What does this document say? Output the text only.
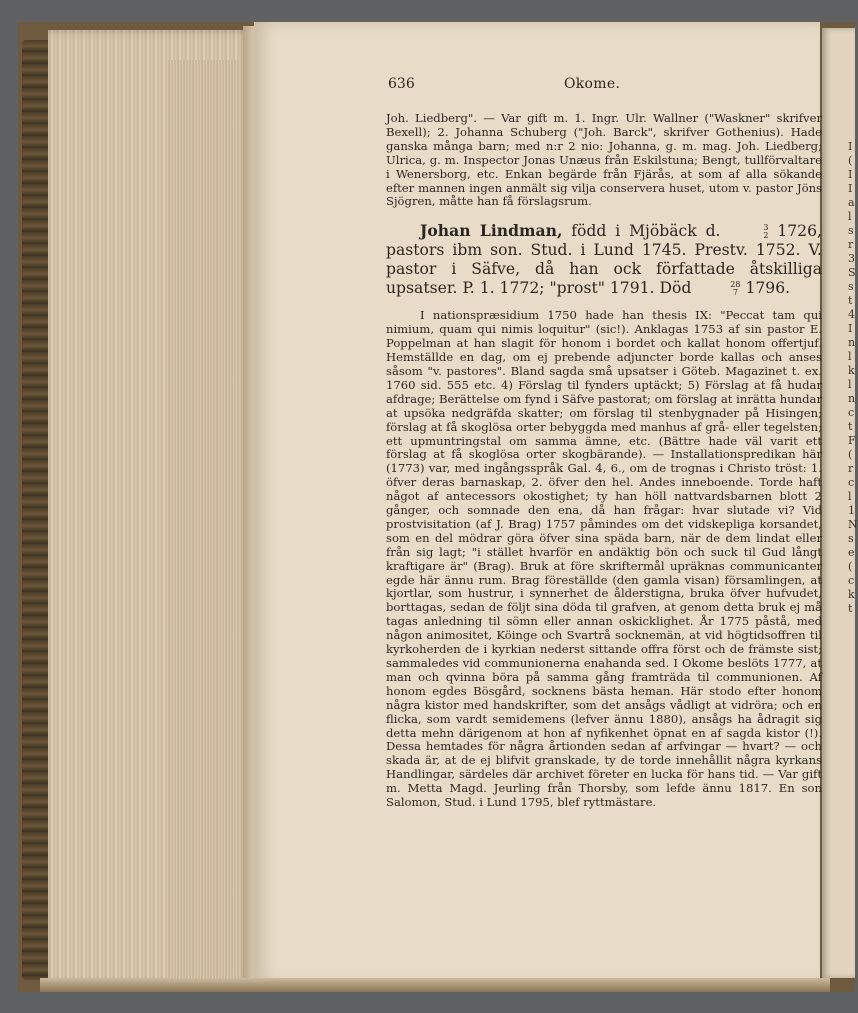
I
(
I
I
a
l
s
r
3
S
s
t
4
I
n
l
k
l
n
c
t
F
(
r
c
l
1
N
s
e
(
c
k
t
636	Okome.

Joh. Liedberg". — Var gift m. 1. Ingr. Ulr. Wallner ("Waskner" skrifver Bexell); 2. Johanna Schuberg ("Joh. Barck", skrifver Gothenius). Hade ganska många barn; med n:r 2 nio: Johanna, g. m. mag. Joh. Liedberg; Ulrica, g. m. Inspector Jonas Unæus från Eskilstuna; Bengt, tullförvaltare i Wenersborg, etc. Enkan begärde från Fjärås, at som af alla sökande efter mannen ingen anmält sig vilja conservera huset, utom v. pastor Jöns Sjögren, måtte han få förslagsrum.

Johan Lindman, född i Mjöbäck d.	3
2 1726, pastors ibm son. Stud. i Lund 1745. Prestv. 1752. V. pastor i Säfve, då han ock författade åtskilliga upsatser. P. 1. 1772; "prost" 1791. Död	28
7 1796.

I nationspræsidium 1750 hade han thesis IX: "Peccat tam qui nimium, quam qui nimis loquitur" (sic!). Anklagas 1753 af sin pastor E. Poppelman at han slagit för honom i bordet och kallat honom offertjuf. Hemställde en dag, om ej prebende adjuncter borde kallas och anses såsom "v. pastores". Bland sagda små upsatser i Göteb. Magazinet t. ex. 1760 sid. 555 etc. 4) Förslag til fynders uptäckt; 5) Förslag at få hudar afdrage; Berättelse om fynd i Säfve pastorat; om förslag at inrätta hundar at upsöka nedgräfda skatter; om förslag til stenbygnader på Hisingen; förslag at få skoglösa orter bebyggda med manhus af grå- eller tegelsten; ett upmuntringstal om samma ämne, etc. (Bättre hade väl varit ett förslag at få skoglösa orter skogbärande). — Installationspredikan här (1773) var, med ingångsspråk Gal. 4, 6., om de trognas i Christo tröst: 1. öfver deras barnaskap, 2. öfver den hel. Andes inneboende. Torde haft något af antecessors okostighet; ty han höll nattvardsbarnen blott 2 gånger, och somnade den ena, då han frågar: hvar slutade vi? Vid prostvisitation (af J. Brag) 1757 påmindes om det vidskepliga korsandet, som en del mödrar göra öfver sina späda barn, när de dem lindat eller från sig lagt; "i stället hvarför en andäktig bön och suck til Gud långt kraftigare är" (Brag). Bruk at före skriftermål upräknas communicanter egde här ännu rum. Brag föreställde (den gamla visan) församlingen, at kjortlar, som hustrur, i synnerhet de ålderstigna, bruka öfver hufvudet, borttagas, sedan de följt sina döda til grafven, at genom detta bruk ej må tagas anledning til sömn eller annan oskicklighet. År 1775 påstå, med någon animositet, Köinge och Svartrå socknemän, at vid högtidsoffren til kyrkoherden de i kyrkian nederst sittande offra först och de främste sist; sammaledes vid communionerna enahanda sed. I Okome beslöts 1777, at man och qvinna böra på samma gång framträda til communionen. Af honom egdes Bösgård, socknens bästa heman. Här stodo efter honom några kistor med handskrifter, som det ansågs vådligt at vidröra; och en flicka, som vardt semidemens (lefver ännu 1880), ansågs ha ådragit sig detta mehn därigenom at hon af nyfikenhet öpnat en af sagda kistor (!). Dessa hemtades för några årtionden sedan af arfvingar — hvart? — och skada är, at de ej blifvit granskade, ty de torde innehållit några kyrkans Handlingar, särdeles där archivet företer en lucka för hans tid. — Var gift m. Metta Magd. Jeurling från Thorsby, som lefde ännu 1817. En son Salomon, Stud. i Lund 1795, blef ryttmästare.
